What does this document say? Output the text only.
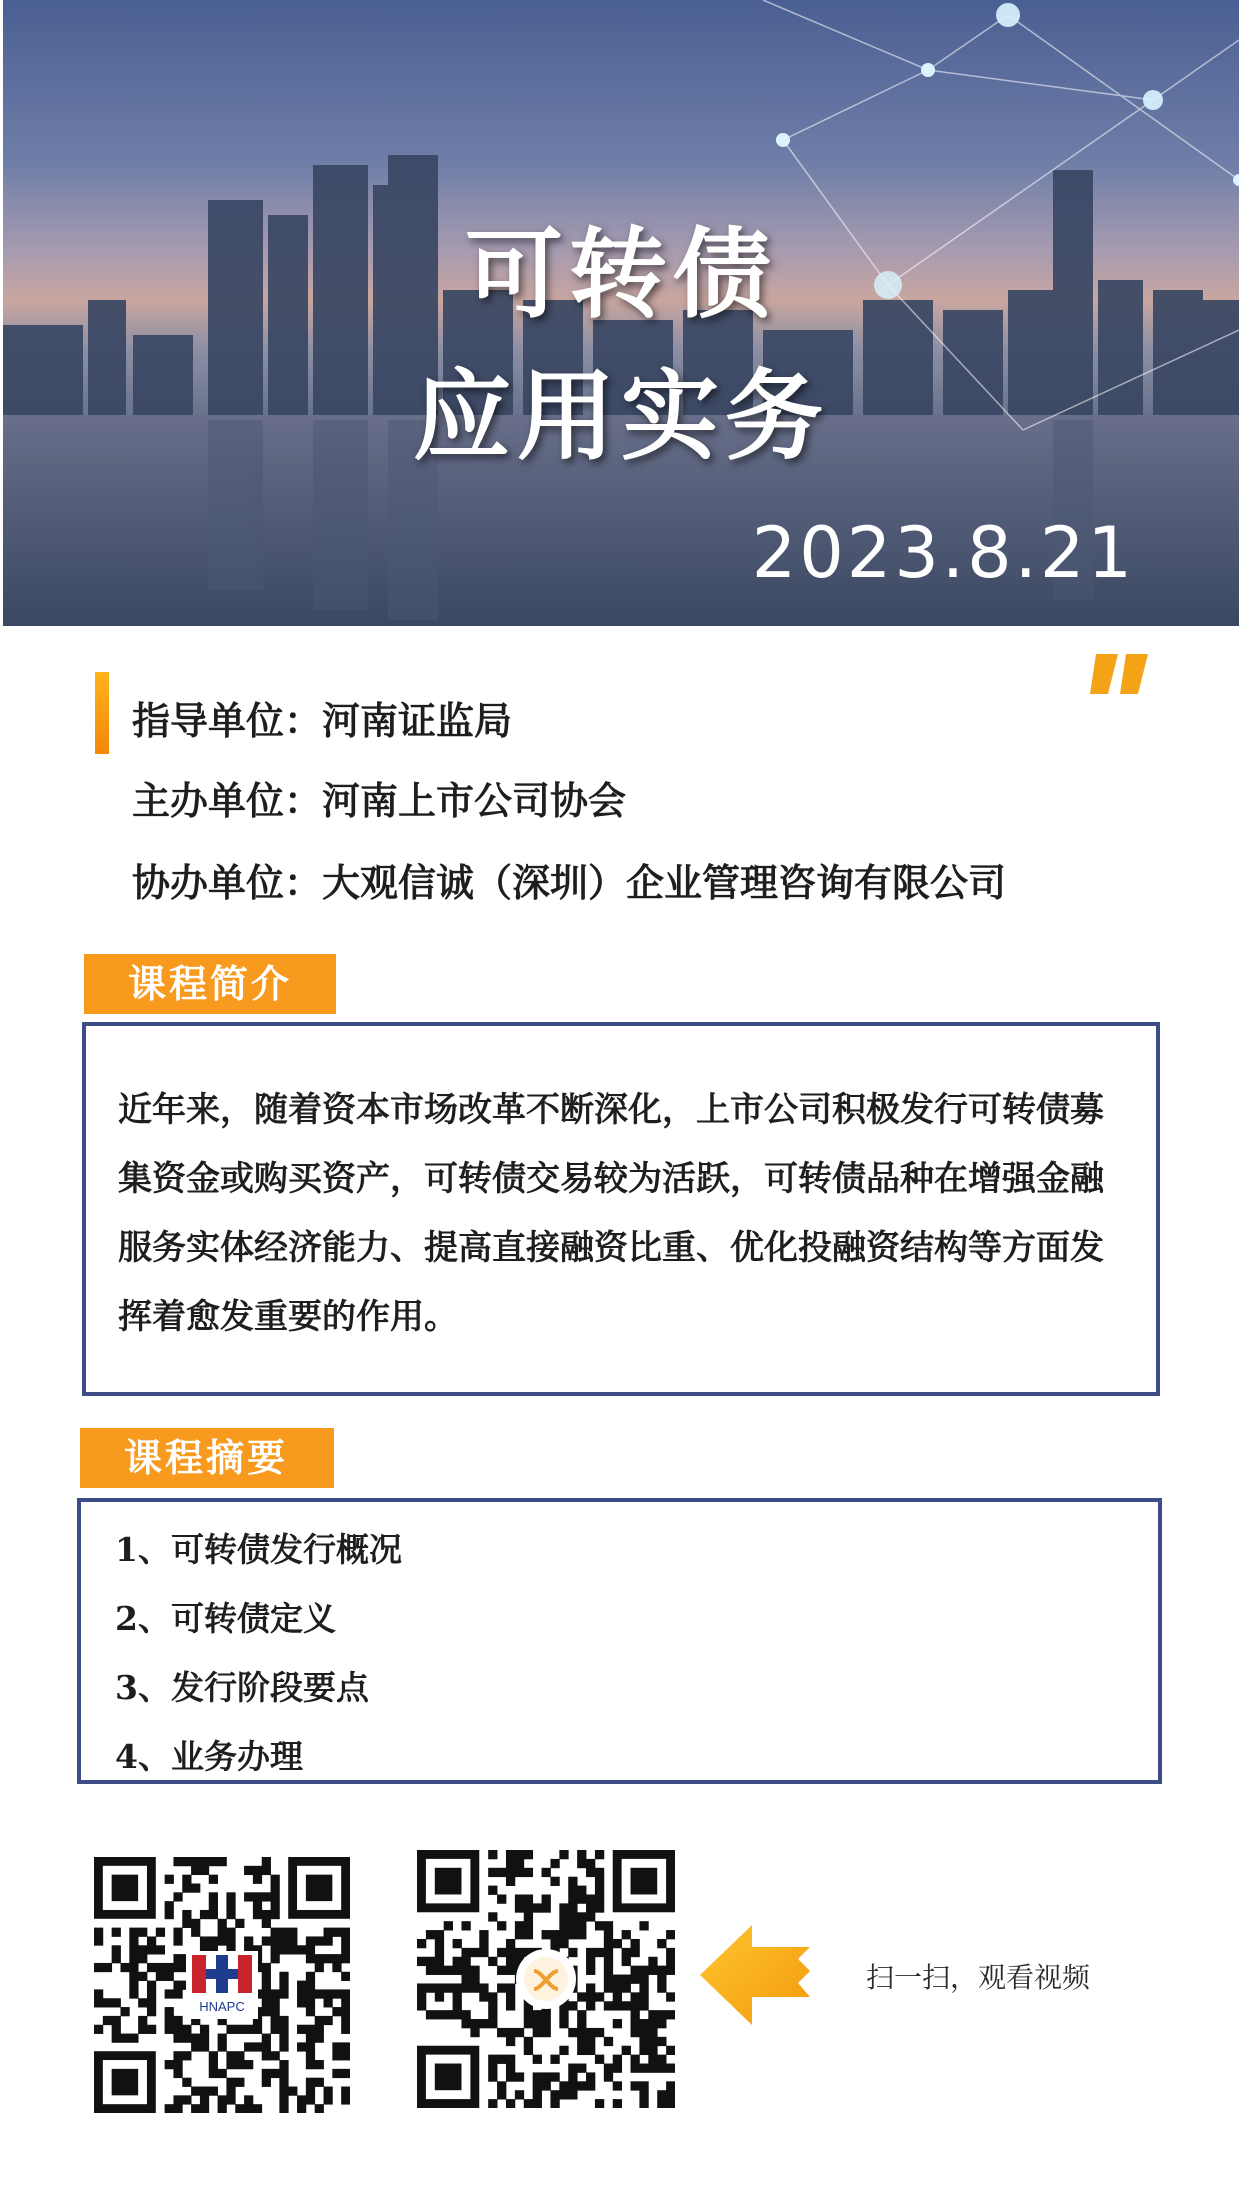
可转债
应用实务
2023.8.21
指导单位：河南证监局
主办单位：河南上市公司协会
协办单位：大观信诚（深圳）企业管理咨询有限公司
课程简介

近年来，随着资本市场改革不断深化，上市公司积极发行可转债募集资金或购买资产，可转债交易较为活跃，可转债品种在增强金融服务实体经济能力、提高直接融资比重、优化投融资结构等方面发挥着愈发重要的作用。

课程摘要
1、可转债发行概况
2、可转债定义
3、发行阶段要点
4、业务办理
HNAPC
扫一扫，观看视频
